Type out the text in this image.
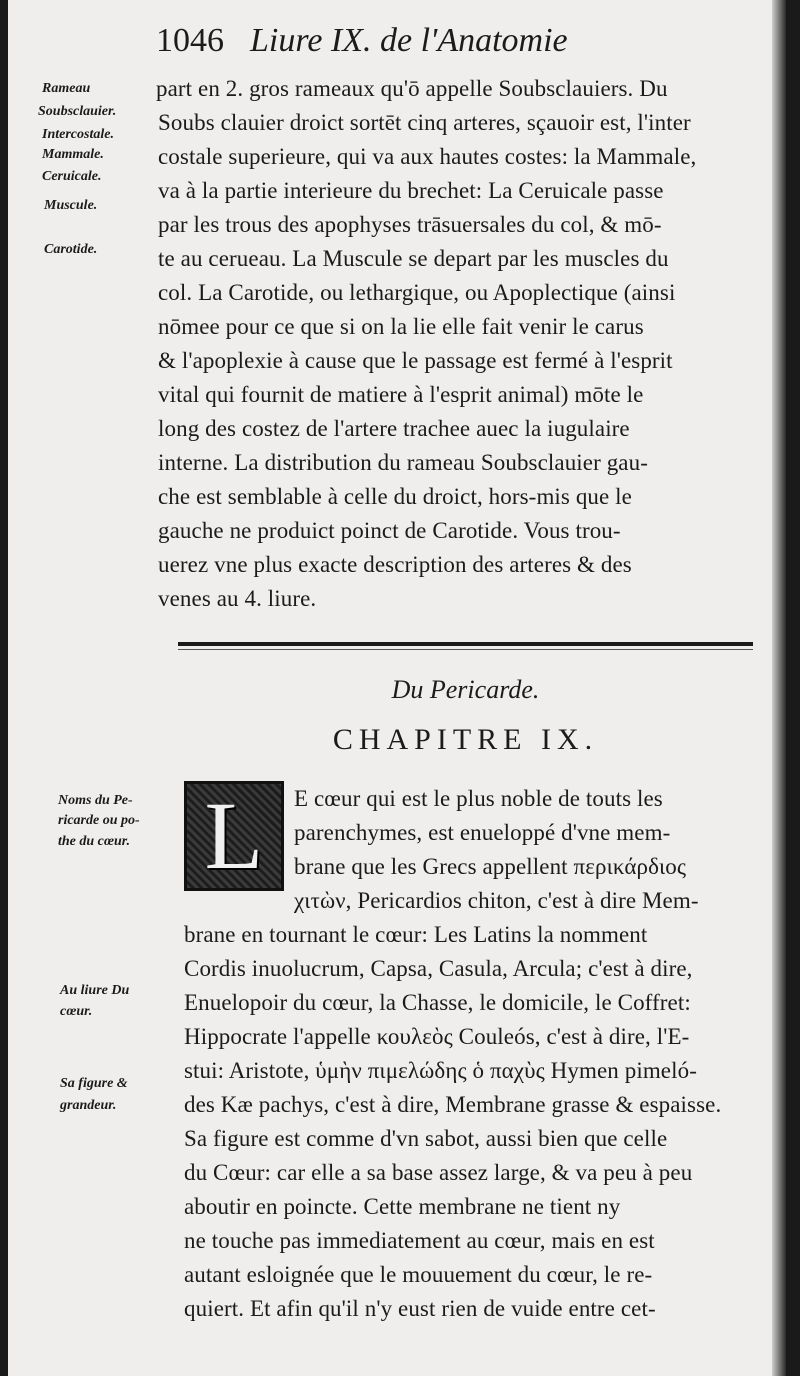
1046 Liure IX. de l'Anatomie
Rameau
Soubsclauier.
Intercostale.
Mammale.
Ceruicale.
Muscule.
Carotide.
part en 2. gros rameaux qu'ō appelle Soubsclauiers. Du
Soubs clauier droict sortēt cinq arteres, sçauoir est, l'inter
costale superieure, qui va aux hautes costes: la Mammale,
va à la partie interieure du brechet: La Ceruicale passe
par les trous des apophyses trāsuersales du col, & mō-
te au cerueau. La Muscule se depart par les muscles du
col. La Carotide, ou lethargique, ou Apoplectique (ainsi
nōmee pour ce que si on la lie elle fait venir le carus
& l'apoplexie à cause que le passage est fermé à l'esprit
vital qui fournit de matiere à l'esprit animal) mōte le
long des costez de l'artere trachee auec la iugulaire
interne. La distribution du rameau Soubsclauier gau-
che est semblable à celle du droict, hors-mis que le
gauche ne produict poinct de Carotide. Vous trou-
uerez vne plus exacte description des arteres & des
venes au 4. liure.
Du Pericarde.
CHAPITRE IX.
Noms du Pe-
ricarde ou po-
the du cœur.
Au liure Du
cœur.
Sa figure &
grandeur.
L E cœur qui est le plus noble de touts les
parenchymes, est enueloppé d'vne mem-
brane que les Grecs appellent περικάρδιος
χιτὼν, Pericardios chiton, c'est à dire Mem-
brane en tournant le cœur: Les Latins la nomment
Cordis inuolucrum, Capsa, Casula, Arcula; c'est à dire,
Enuelopoir du cœur, la Chasse, le domicile, le Coffret:
Hippocrate l'appelle κουλεὸς Couleós, c'est à dire, l'E-
stui: Aristote, ὑμὴν πιμελώδης ὁ παχὺς Hymen pimeló-
des Kæ pachys, c'est à dire, Membrane grasse & espaisse.
Sa figure est comme d'vn sabot, aussi bien que celle
du Cœur: car elle a sa base assez large, & va peu à peu
aboutir en poincte. Cette membrane ne tient ny
ne touche pas immediatement au cœur, mais en est
autant esloignée que le mouuement du cœur, le re-
quiert. Et afin qu'il n'y eust rien de vuide entre cet-
